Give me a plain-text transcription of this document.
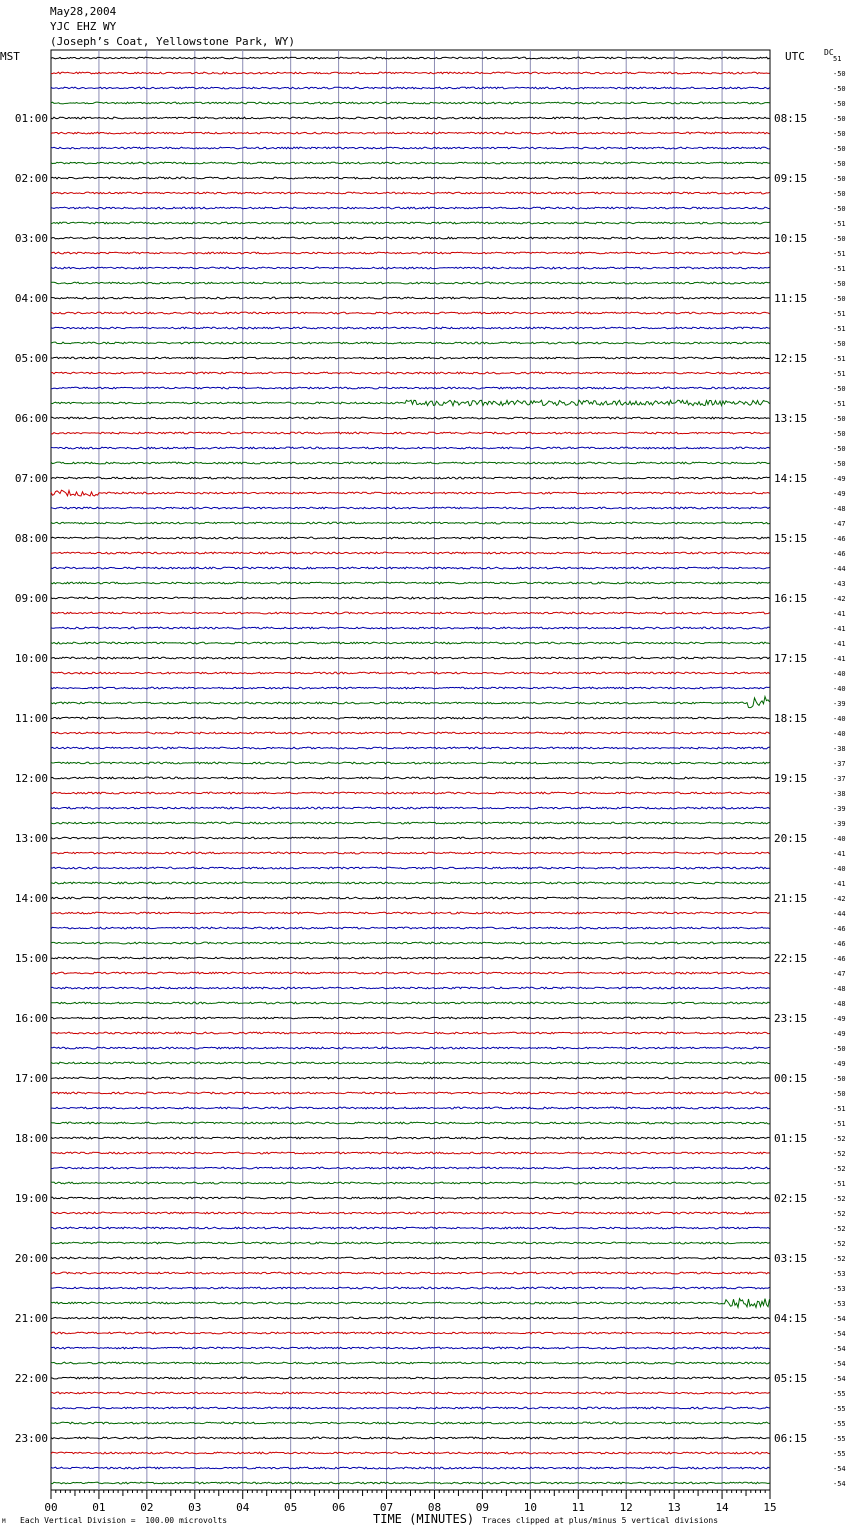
May28,2004
YJC EHZ WY
(Joseph’s Coat, Yellowstone Park, WY)
MST	UTC DC
01:00
02:00
03:00
04:00
05:00
06:00
07:00
08:00
09:00
10:00
11:00
12:00
13:00
14:00
15:00
16:00
17:00
18:00
19:00
20:00
21:00
22:00
23:00
08:15
09:15
10:15
11:15
12:15
13:15
14:15
15:15
16:15
17:15
18:15
19:15
20:15
21:15
22:15
23:15
00:15
01:15
02:15
03:15
04:15
05:15
06:15
51
-50
-50
-50
-50
-50
-50
-50
-50
-50
-50
-51
-50
-51
-51
-50
-50
-51
-51
-50
-51
-51
-50
-51
-50
-50
-50
-50
-49
-49
-48
-47
-46
-46
-44
-43
-42
-41
-41
-41
-41
-40
-40
-39
-40
-40
-38
-37
-37
-38
-39
-39
-40
-41
-40
-41
-42
-44
-46
-46
-46
-47
-48
-48
-49
-49
-50
-49
-50
-50
-51
-51
-52
-52
-52
-51
-52
-52
-52
-52
-52
-53
-53
-53
-54
-54
-54
-54
-54
-55
-55
-55
-55
-55
-54
-54
00	01	02	03	04	05	06	07	08	09	10	11	12	13	14	15
M Each Vertical Division =  100.00 microvolts	TIME (MINUTES) Traces clipped at plus/minus 5 vertical divisions
